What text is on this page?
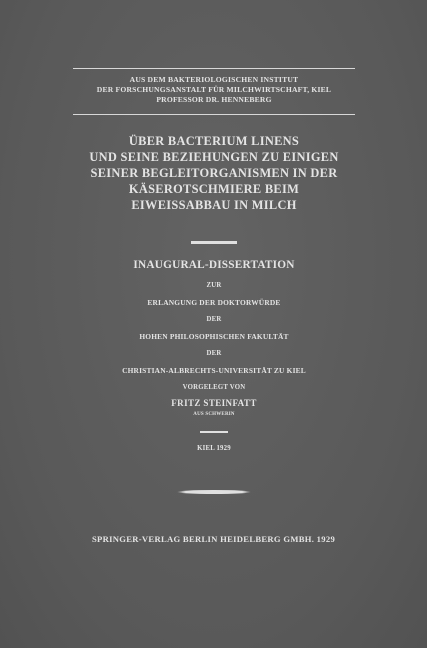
AUS DEM BAKTERIOLOGISCHEN INSTITUT
DER FORSCHUNGSANSTALT FÜR MILCHWIRTSCHAFT, KIEL
PROFESSOR DR. HENNEBERG
ÜBER BACTERIUM LINENS
UND SEINE BEZIEHUNGEN ZU EINIGEN
SEINER BEGLEITORGANISMEN IN DER
KÄSEROTSCHMIERE BEIM
EIWEISSABBAU IN MILCH
INAUGURAL-DISSERTATION
ZUR
ERLANGUNG DER DOKTORWÜRDE
DER
HOHEN PHILOSOPHISCHEN FAKULTÄT
DER
CHRISTIAN-ALBRECHTS-UNIVERSITÄT ZU KIEL
VORGELEGT VON
FRITZ STEINFATT
AUS SCHWERIN
KIEL 1929
SPRINGER-VERLAG BERLIN HEIDELBERG GMBH. 1929
